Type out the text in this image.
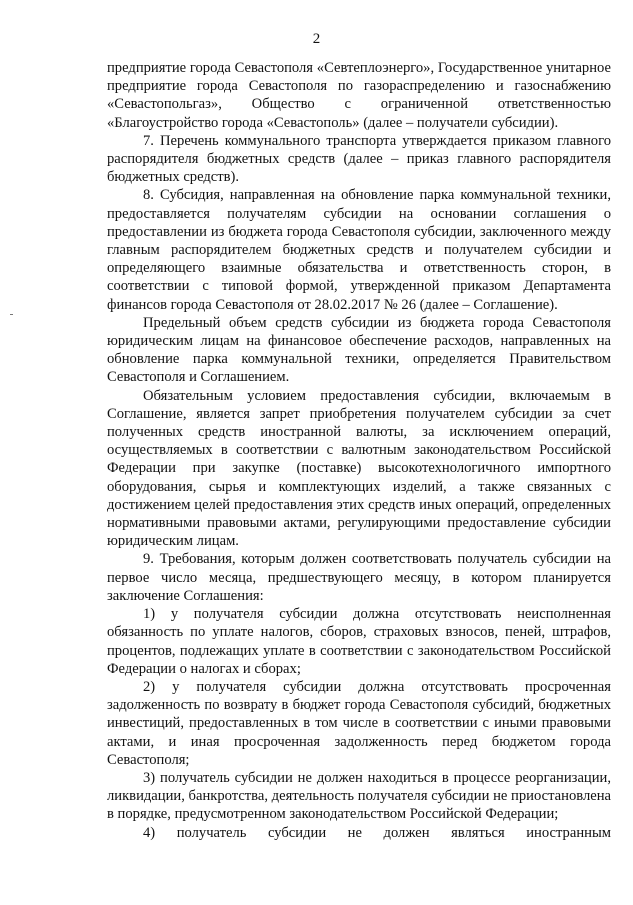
2

предприятие города Севастополя «Севтеплоэнерго», Государственное унитарное предприятие города Севастополя по газораспределению и газоснабжению «Севастопольгаз», Общество с ограниченной ответственностью «Благоустройство города «Севастополь» (далее – получатели субсидии).

7. Перечень коммунального транспорта утверждается приказом главного распорядителя бюджетных средств (далее – приказ главного распорядителя бюджетных средств).

8. Субсидия, направленная на обновление парка коммунальной техники, предоставляется получателям субсидии на основании соглашения о предоставлении из бюджета города Севастополя субсидии, заключенного между главным распорядителем бюджетных средств и получателем субсидии и определяющего взаимные обязательства и ответственность сторон, в соответствии с типовой формой, утвержденной приказом Департамента финансов города Севастополя от 28.02.2017 № 26 (далее – Соглашение).

Предельный объем средств субсидии из бюджета города Севастополя юридическим лицам на финансовое обеспечение расходов, направленных на обновление парка коммунальной техники, определяется Правительством Севастополя и Соглашением.

Обязательным условием предоставления субсидии, включаемым в Соглашение, является запрет приобретения получателем субсидии за счет полученных средств иностранной валюты, за исключением операций, осуществляемых в соответствии с валютным законодательством Российской Федерации при закупке (поставке) высокотехнологичного импортного оборудования, сырья и комплектующих изделий, а также связанных с достижением целей предоставления этих средств иных операций, определенных нормативными правовыми актами, регулирующими предоставление субсидии юридическим лицам.

9. Требования, которым должен соответствовать получатель субсидии на первое число месяца, предшествующего месяцу, в котором планируется заключение Соглашения:

1) у получателя субсидии должна отсутствовать неисполненная обязанность по уплате налогов, сборов, страховых взносов, пеней, штрафов, процентов, подлежащих уплате в соответствии с законодательством Российской Федерации о налогах и сборах;

2) у получателя субсидии должна отсутствовать просроченная задолженность по возврату в бюджет города Севастополя субсидий, бюджетных инвестиций, предоставленных в том числе в соответствии с иными правовыми актами, и иная просроченная задолженность перед бюджетом города Севастополя;

3) получатель субсидии не должен находиться в процессе реорганизации, ликвидации, банкротства, деятельность получателя субсидии не приостановлена в порядке, предусмотренном законодательством Российской Федерации;

4) получатель субсидии не должен являться иностранным
